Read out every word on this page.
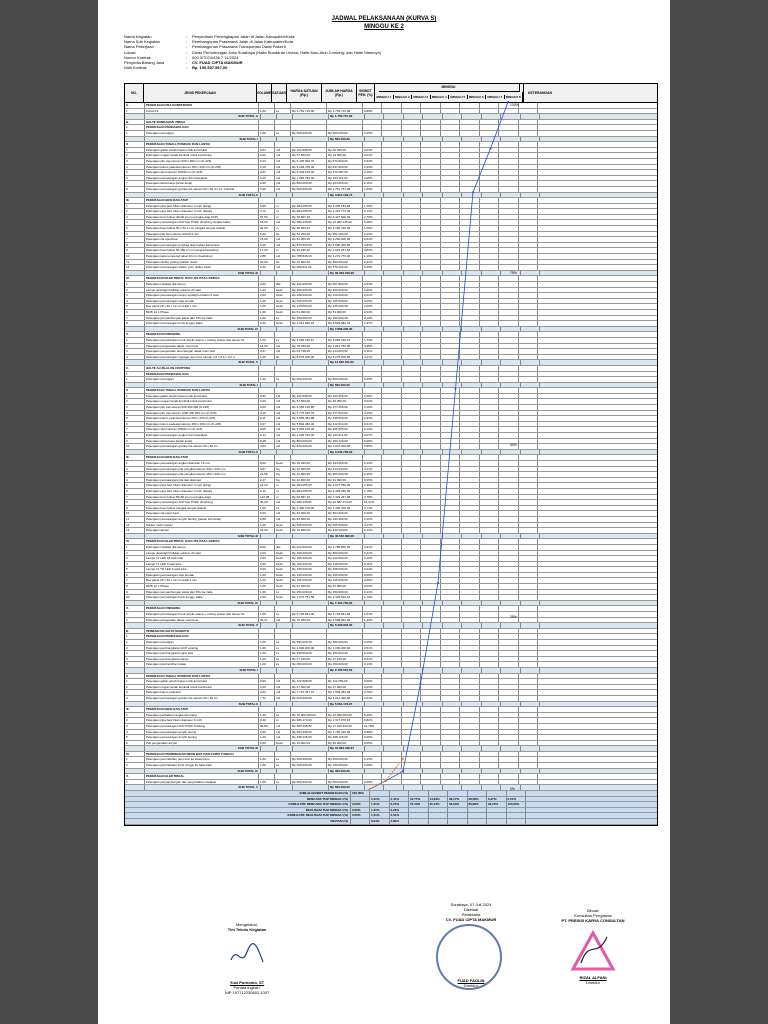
JADWAL PELAKSANAAN (KURVA S)
MINGGU KE 2
Nama Kegiatan	:	Penyediaan Perlengkapan Jalan di Jalan Kabupaten/Kota
Nama Sub Kegiatan	:	Pembangunan Prasarana Jalan di Jalan Kabupaten/Kota
Nama Pekerjaan	:	Pembangunan Prasarana Transportasi Darat Paket II
Lokasi	:	Dinas Perhubungan Kota Surabaya (Halte Bundaran Unesa; Halte Alun-Alun Contong; dan Halte Mamoyo)
Nomor Kontrak	:	000.3/7074/436.7.11/2024
Penyedia Barang Jasa	:	CV. FUAD CIPTA MAKMUR
Nilai Kontrak	:	Rp. 196.537.567,00
NO.	JENIS PEKERJAAN	VOLUME SATUAN	HARGA SATUAN (Rp.)
JUMLAH HARGA (Rp.)
BOBOT PEK. (%)
MINGGU
MINGGU 1	MINGGU 2	MINGGU 3	MINGGU 4	MINGGU 5	MINGGU 6	MINGGU 7	MINGGU 8
KETERANGAN
A.	PEKERJAAN FRA KONSTRUKSI
1	Kurva K3	1,00	Ls	Rp 1.752.715,00	Rp 1.752.715,00	0,89%
SUB TOTAL A	Rp 1.752.715,00
B.	HALTE BUNDARAN UNESA
I.	PEKERJAAN PENDAHULUAN
1	Pekerjaan pematgan	1,00	Ls	Rp 500.000,00	Rp 500.000,00	0,25%
SUB TOTAL I	Rp 500.000,00
II.	PEKERJAAN TANAH, PONDASI DAN LANTAI
1	Pekerjaan galian tanah biasa untuk konstruksi	0,54	m3	Rp 122.508,00	Rp 66.155,00	0,03%
2	Pekerjaan urugan tanah kembali untuk konstruksi	0,20	m3	Rp 67.500,00	Rp 13.500,00	0,01%
3	Pekerjaan pile cap ukuran 600 x 600 mm (K-225)	0,13	m3	Rp 5.425.900,70	Rp 673.000,00	0,34%
4	Pekerjaan kolom pedestal ukuran 150 x 200 mm (K-225)	0,16	m3	Rp 5.294.705,40	Rp 847.629,00	0,43%
5	Pekerjaan sloof ukuran 150/20 cm (K-225)	0,07	m3	Rp 5.304.105,40	Rp 370.287,00	0,19%
6	Pekerjaan pemasangan angkur dan baseplate	0,16	m2	Rp 1.025.792,30	Rp 164.116,00	0,08%
7	Pekerjaan lantai kerja (lantai kerja)	0,26	m3	Rp 854.000,00	Rp 224.666,00	0,11%
8	Pekerjaan pemasangan granite tile ukuran 60 x 60 cm inc. borland	5,29	m2	Rp 520.000,00	Rp 2.751.737,00	1,40%
SUB TOTAL II	Rp 4.812.199,73
III.	PEKERJAAN BESI DAN ATAP
1	Pekerjaan pipa besi hitam diameter 4 inch (tiang)	6,30	m	Rp 384.095,00	Rp 2.330.183,00	1,19%
2	Pekerjaan pipa besi hitam diameter 3 inch (balok)	3,70	m	Rp 384.095,00	Rp 1.421.772,45	0,72%
3	Pekerjaan besi hollow 40x40,2 mm (rangka atap ACP)	67,50	m	Rp 35.607,20	Rp 5.427.600,02	2,76%
4	Pekerjaan pemasangan ACP tipe PVDF (finishing rangka halte)	18,00	m2	Rp 686.235,82	Rp 12.352.245,00	6,28%
5	Pekerjaan besi hollow 50 x 50,2 mm (rangka tempat duduk)	32,60	m	Rp 66.503,92	Rp 2.150.726,00	1,09%
6	Pekerjaan plat besi ukuran 20x20,3 mm	5,00	bh	Rp 52.200,00	Rp 261.000,00	0,13%
7	Pekerjaan cat epoxibesi	15,00	m2	Rp 84.000,00	Rp 1.260.000,00	0,64%
8	Pekerjaan pemasangan polybag atap bahan kaf ukuran	6,40	m2	Rp 873.500,00	Rp 5.590.400,00	2,84%
9	Pekerjaan besi hollow 50 150 2 mm (rangka backdrop)	17,60	m	Rp 92.230,20	Rp 1.623.251,52	0,83%
10	Pekerjaan kaca tempered tebal 10 mm (backdrop)	2,88	m2	Rp 788.545,00	Rp 2.270.776,00	1,16%
11	Pekerjaan sticker cutting (sticker clear)	20,00	bh	Rp 40.000,00	Rp 800.000,00	0,41%
12	Pekerjaan pemasangan sticker print (stiker clear)	2,00	m2	Rp 289.611,00	Rp 579.222,00	0,29%
SUB TOTAL III	Rp 36.309.796,00
IV.	PEKERJAAN ELEKTRIKAL DAN UTILITAS LAINNYA
1	Pekerjaan instalasi titik lampu	3,00	titik	Rp 222.600,00	Rp 667.800,00	0,34%
2	Lampu downlight bulkbar outdoor 22 watt	1,00	buah	Rp 400.000,00	Rp 400.000,00	0,20%
3	Pekerjaan pemasangan lampu spotlight outdoor 5 watt	2,00	buah	Rp 208.000,00	Rp 416.000,00	0,21%
4	Pekerjaan pemasangan stop kontak	1,00	buah	Rp 105.000,00	Rp 105.000,00	0,05%
5	Box panel 20 x 30 x 12 cm tebal 1 mm	1,00	buah	Rp 125.000,00	Rp 125.000,00	0,06%
6	MCB 1A 1 Phase	1,00	buah	Rp 51.000,00	Rp 51.000,00	0,03%
7	Pekerjaan penyambungan kabel dari PJU ke halte	1,00	Ls	Rp 250.000,00	Rp 250.000,00	0,13%
8	Pekerjaan pemasangan kursi tunggu Halte	2,00	buah	Rp 2.914.990,18	Rp 5.829.981,44	2,97%
SUB TOTAL IV	Rp 7.858.300,00
V.	PEKERJAAN FINISHING
1	Pekerjaan pemasangan huruf acrylic warna + cutting sticker dan lampu 5L	1,00	Ls	Rp 3.056.160,67	Rp 3.056.160,67	1,73%
2	Pekerjaan pengecatan dasar meni besi	16,60	m2	Rp 75.250,00	Rp 1.814.750,00	0,95%
3	Pekerjaan pengecatan besi dengan dasar meni besi	3,37	m2	Rp 63.738,00	Rp 214.663,52	0,11%
4	Pekerjaan pemasangan signage neon box ukuran 2,5 x 0,6 x 0,2 m	1,00	bh	Rp 8.275.200,00	Rp 8.275.200,00	4,21%
SUB TOTAL V	Rp 13.660.011,00
C.	HALTE ALUN-ALUN CONTONG
I.	PEKERJAAN PENDAHULUAN
1	Pekerjaan pematgan	1,00	Ls	Rp 500.000,00	Rp 500.000,00	0,25%
SUB TOTAL I	Rp 500.000,00
II.	PEKERJAAN TANAH, PONDASI DAN LANTAI
1	Pekerjaan galian tanah biasa untuk konstruksi	0,82	m3	Rp 122.508,00	Rp 100.456,00	0,05%
2	Pekerjaan urugan tanah kembali untuk konstruksi	0,40	m3	Rp 67.500,00	Rp 26.350,00	0,01%
3	Pekerjaan pile cap ukuran 600 400 200 (K-225)	0,06	m3	Rp 6.353.135,85	Rp 377.455,00	0,19%
4	Pekerjaan pile cap ukuran 1200 400 200 mm (K-225)	0,10	m3	Rp 5.775.220,79	Rp 577.522,00	0,29%
5	Pekerjaan kolom pedestal ukuran 200 x 200 (K-225)	0,11	m3	Rp 5.895.452,88	Rp 648.500,00	0,33%
6	Pekerjaan kolom pedestal ukuran 150 x 200 mm (K-225)	0,07	m3	Rp 5.894.482,30	Rp 412.614,00	0,21%
7	Pekerjaan sloof ukuran 150/20 cm (K-225)	0,05	m3	Rp 5.304.105,40	Rp 265.205,00	0,13%
8	Pekerjaan pemasangan angkur dan baseplate	0,14	m2	Rp 1.025.792,30	Rp 143.611,00	0,07%
9	Pekerjaan lantai kerja (lantai kerja)	0,18	m3	Rp 854.000,00	Rp 153.720,00	0,08%
10	Pekerjaan pemasangan granite tile ukuran 60 x 60 cm	3,60	m2	Rp 520.000,00	Rp 1.872.000,00	0,95%
SUB TOTAL II	Rp 3.340.728,00
III.	PEKERJAAN BESI DAN ATAP
1	Pekerjaan pemasangan angkur diameter 16 mm	8,00	buah	Rp 29.320,00	Rp 234.560,00	0,12%
2	Pekerjaan pemasangan plat pengikat ukuran 300 x 200 mm	9,87	Kg	Rp 42.000,00	Rp 414.540,00	0,21%
3	Pekerjaan pemasangan plat pengikat ukuran 150 x 200 mm	21,50	Kg	Rp 42.000,00	Rp 903.000,00	0,46%
4	Pekerjaan pemasangan plat ikat dekorasi	2,17	Kg	Rp 42.000,00	Rp 91.000,00	0,05%
5	Pekerjaan pipa besi hitam diameter 4 inch (tiang)	12,10	m	Rp 384.095,00	Rp 4.647.550,00	2,36%
6	Pekerjaan pipa besi hitam diameter 4 inch (balok)	9,10	m	Rp 384.095,00	Rp 3.495.265,00	1,78%
7	Pekerjaan besi hollow 50x50,2 mm (rangka atap)	122,08	m	Rp 60.837,20	Rp 7.423.347,00	3,78%
8	Pekerjaan pemasangan ACP tipe PVDF (finishing)	30,00	m2	Rp 686.235,82	Rp 20.587.074,00	10,47%
9	Pekerjaan besi hollow (rangka tempat duduk)	1,00	Ls	Rp 1.400.700,00	Rp 1.400.700,00	0,71%
10	Pekerjaan cat epoxi besi	6,00	m2	Rp 84.000,00	Rp 504.000,00	0,26%
11	Pekerjaan pemasangan acrylic bening (papan informasi)	2,88	m2	Rp 84.500,00	Rp 243.360,00	0,12%
12	Sticker motif custom	1,00	buah	Rp 525.000,00	Rp 525.000,00	0,27%
13	Pekerjaan acrylic	16,00	buah	Rp 15.000,00	Rp 240.000,00	0,12%
SUB TOTAL III	Rp 40.546.390,00
IV.	PEKERJAAN ELEKTRIKAL DAN UTILITAS LAINNYA
1	Pekerjaan instalasi titik lampu	8,00	titik	Rp 222.600,00	Rp 1.780.800,00	0,91%
2	Lampu downlight bulkbar outdoor 22 watt	2,00	buah	Rp 400.000,00	Rp 800.000,00	0,41%
3	Lampu TL LED 18 watt tube	2,00	buah	Rp 156.000,00	Rp 312.000,00	0,16%
4	Lampu TL LED 9 watt tube	2,00	buah	Rp 109.000,00	Rp 218.000,00	0,11%
5	Lampu TL TO LED 9 watt tube	3,00	buah	Rp 156.000,00	Rp 468.000,00	0,24%
6	Pekerjaan pemasangan stop kontak	1,00	buah	Rp 105.000,00	Rp 105.000,00	0,05%
7	Box panel 20 x 30 x 12 cm tebal 1 mm	1,00	buah	Rp 125.000,00	Rp 125.000,00	0,06%
8	MCB 1A 1 Phase	1,00	buah	Rp 51.000,00	Rp 51.000,00	0,03%
9	Pekerjaan penyambungan kabel dari PJU ke halte	1,00	Ls	Rp 250.000,00	Rp 250.000,00	0,13%
10	Pekerjaan pemasangan kursi tunggu Halte	2,00	buah	Rp 1.672.761,58	Rp 3.345.523,16	1,70%
SUB TOTAL IV	Rp 7.455.700,00
V.	PEKERJAAN FINISHING
1	Pekerjaan pemasangan huruf acrylic warna + cutting sticker dan lampu 5L	1,00	Ls	Rp 2.720.841,00	Rp 2.720.841,00	1,54%
2	Pekerjaan pengecatan dasar meni besi	33,37	m2	Rp 75.250,00	Rp 2.508.962,00	1,42%
SUB TOTAL V	Rp 5.229.803,00
D.	PERBAIKAN HALTE MAMOYO
I.	PEKERJAAN PENDAHULUAN
1	Pekerjaan pematgan	1,00	Ls	Rp 500.000,00	Rp 500.000,00	0,25%
2	Pekerjaan pembongkaran ACP existing	1,00	Ls	Rp 1.000.000,00	Rp 1.000.000,00	0,51%
3	Pekerjaan pembongkaran pipa besi	1,00	Ls	Rp 250.000,00	Rp 250.000,00	0,13%
4	Pekerjaan pembongkaran lantai	1,00	Ls	Rp 27.125,00	Rp 27.125,00	0,01%
5	Pekerjaan pembersihan lokasi	1,00	Ls	Rp 250.000,00	Rp 250.000,00	0,13%
SUB TOTAL I	Rp 2.156.667,00
II.	PEKERJAAN TANAH, PONDASI DAN LANTAI
1	Pekerjaan galian tanah biasa untuk konstruksi	0,90	m3	Rp 122.508,00	Rp 110.259,00	0,06%
2	Pekerjaan urugan tanah kembali untuk konstruksi	0,40	m3	Rp 67.500,00	Rp 27.000,00	0,01%
3	Pekerjaan kolom pedestal	0,20	m3	Rp 7.797.467,10	Rp 1.559.484,00	0,79%
4	Pekerjaan pemasangan granite tile ukuran 60 x 60 cm	7,72	m2	Rp 520.000,00	Rp 4.014.400,00	2,04%
SUB TOTAL II	Rp 5.581.173,37
III.	PEKERJAAN BESI DAN ATAP
1	Pekerjaan perbaikan rangka dan tiang	1,00	Ls	Rp 10.000.000,00	Rp 10.000.000,00	5,09%
2	Pekerjaan pipa besi hitam diameter 6 inch	3,30	m	Rp 486.173,00	Rp 1.617.378,15	0,82%
3	Pekerjaan pemasangan ACP PVDF finishing	39,50	m2	Rp 686.235,82	Rp 27.106.320,00	13,79%
4	Pekerjaan pemasangan acrylic warna	2,00	m2	Rp 863.208,00	Rp 1.726.416,00	0,88%
5	Pekerjaan pemasangan acrylic bening	1,00	m2	Rp 498.125,00	Rp 498.125,00	0,25%
6	Pek pengecatan acrylic	6,00	buah	Rp 15.000,00	Rp 90.000,00	0,05%
SUB TOTAL III	Rp 41.663.438,37
IV.	PEKERJAAN PEMINDAHAN NEON BOX DAN KURSI TUNGGU
1	Pekerjaan pemindahan neon box ke lokasi baru	1,00	Ls	Rp 250.000,00	Rp 250.000,00	0,13%
2	Pekerjaan pemindahan kursi tunggu ke halte baru	1,00	Ls	Rp 150.000,00	Rp 150.000,00	0,08%
SUB TOTAL IV	Rp 400.000,00
V.	PEKERJAAN ELEKTRIKAL
1	Pekerjaan penyambungan dan perpindahan instalasi	1,00	Ls	Rp 500.000,00	Rp 500.000,00	0,25%
SUB TOTAL V	Rp 500.000,00
JUMLAH BOBOT PEKERJAAN (%)	100,00%
RENCANA TIAP MINGGU (%)	1,31%	1,41%	12,77%	14,63%	28,17%	28,58%	6,37%	0,51%
KOMULATIF RENCANA TIAP MINGGU (%)	0,00%	1,31%	2,72%	15,49%	30,13%	58,30%	86,88%	93,25%	100,00%
REALISASI TIAP MINGGU (%)	0,00%	1,31%	3,23%
KOMULATIF REALISASI TIAP MINGGU (%)	0,00%	1,31%	4,54%
DEVIASI (%)	0,04%	1,82%
100%
75%
50%
25%
0%
Mengetahui,
Tim Teknis Kegiatan
Yusi Purnomo, ST
Penata Ingkat I
NIP 197712230602 1007
Surabaya, 07 Juli 2024
Diseluai
Pelaksana
CV. FUAD CIPTA MAKMUR
FUAD FAOLIN
Direktur
Dibuat,
Konsultan Pengawas
PT. PRESISI KARYA CONSULTAN
RIZAL ALFANI
Direktur
